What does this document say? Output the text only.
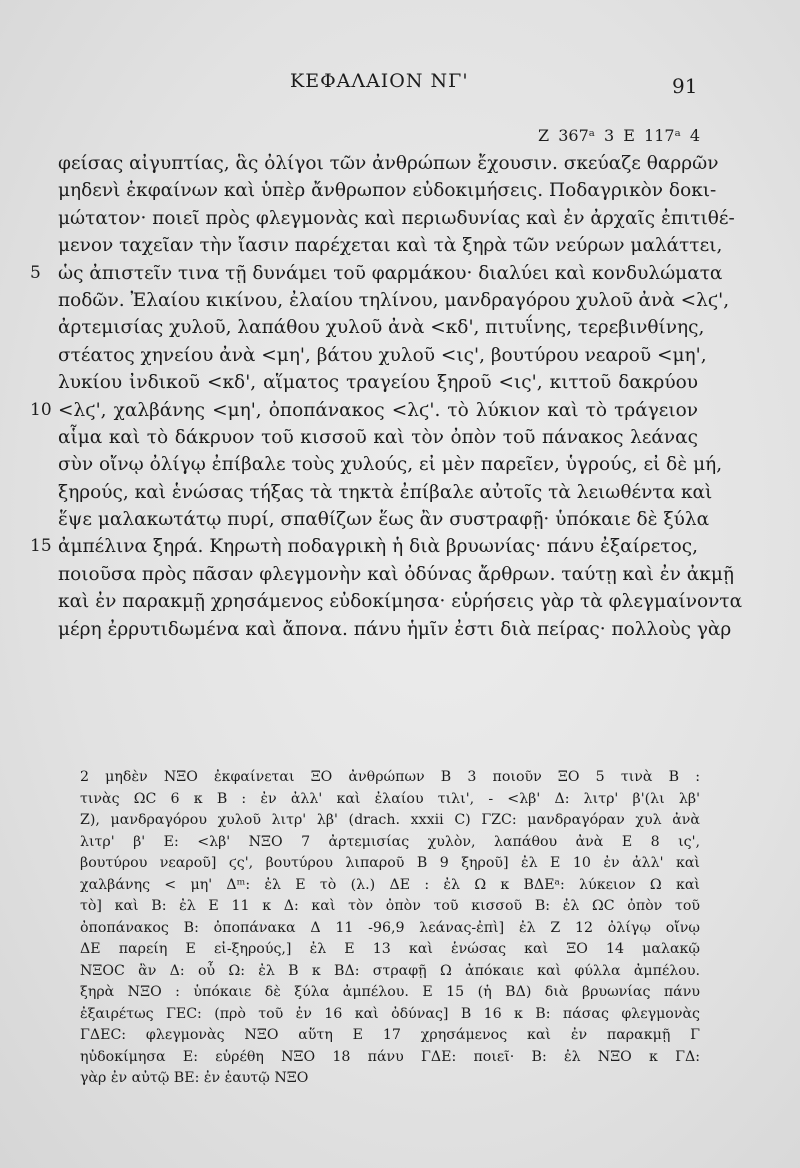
ΚΕΦΑΛΑΙΟΝ ΝΓ'	91
Z 367ᵃ 3 E 117ᵃ 4
φείσας αἰγυπτίας, ἃς ὀλίγοι τῶν ἀνθρώπων ἔχουσιν. σκεύαζε θαρρῶν
μηδενὶ ἐκφαίνων καὶ ὑπὲρ ἄνθρωπον εὐδοκιμήσεις. Ποδαγρικὸν δοκι-
μώτατον· ποιεῖ πρὸς φλεγμονὰς καὶ περιωδυνίας καὶ ἐν ἀρχαῖς ἐπιτιθέ-
μενον ταχεῖαν τὴν ἴασιν παρέχεται καὶ τὰ ξηρὰ τῶν νεύρων μαλάττει,
5 ὡς ἀπιστεῖν τινα τῇ δυνάμει τοῦ φαρμάκου· διαλύει καὶ κονδυλώματα
ποδῶν. Ἐλαίου κικίνου, ἐλαίου τηλίνου, μανδραγόρου χυλοῦ ἀνὰ <λϛ',
ἀρτεμισίας χυλοῦ, λαπάθου χυλοῦ ἀνὰ <κδ', πιτυΐνης, τερεβινθίνης,
στέατος χηνείου ἀνὰ <μη', βάτου χυλοῦ <ις', βουτύρου νεαροῦ <μη',
λυκίου ἰνδικοῦ <κδ', αἵματος τραγείου ξηροῦ <ις', κιττοῦ δακρύου
10 <λϛ', χαλβάνης <μη', ὀποπάνακος <λϛ'. τὸ λύκιον καὶ τὸ τράγειον
αἷμα καὶ τὸ δάκρυον τοῦ κισσοῦ καὶ τὸν ὀπὸν τοῦ πάνακος λεάνας
σὺν οἴνῳ ὀλίγῳ ἐπίβαλε τοὺς χυλούς, εἰ μὲν παρεῖεν, ὑγρούς, εἰ δὲ μή,
ξηρούς, καὶ ἑνώσας τήξας τὰ τηκτὰ ἐπίβαλε αὐτοῖς τὰ λειωθέντα καὶ
ἕψε μαλακωτάτῳ πυρί, σπαθίζων ἕως ἂν συστραφῇ· ὑπόκαιε δὲ ξύλα
15 ἀμπέλινα ξηρά. Κηρωτὴ ποδαγρικὴ ἡ διὰ βρυωνίας· πάνυ ἐξαίρετος,
ποιοῦσα πρὸς πᾶσαν φλεγμονὴν καὶ ὀδύνας ἄρθρων. ταύτῃ καὶ ἐν ἀκμῇ
καὶ ἐν παρακμῇ χρησάμενος εὐδοκίμησα· εὑρήσεις γὰρ τὰ φλεγμαίνοντα
μέρη ἐρρυτιδωμένα καὶ ἄπονα. πάνυ ἡμῖν ἐστι διὰ πείρας· πολλοὺς γὰρ
2 μηδὲν ΝΞΟ ἐκφαίνεται ΞΟ ἀνθρώπων Β 3 ποιοῦν ΞΟ 5 τινὰ Β :
τινὰς ΩC 6 κ Β : ἐν ἀλλ' καὶ ἐλαίου τιλι', - <λβ' Δ: λιτρ' β'(λι λβ'
Ζ), μανδραγόρου χυλοῦ λιτρ' λβ' (drach. xxxii C) ΓΖC: μανδραγόραν χυλ ἀνὰ
λιτρ' β' Ε: <λβ' ΝΞΟ 7 ἀρτεμισίας χυλὸν, λαπάθου ἀνὰ Ε 8 ις',
βουτύρου νεαροῦ] ϛς', βουτύρου λιπαροῦ Β 9 ξηροῦ] ἐλ Ε 10 ἐν ἀλλ' καὶ
χαλβάνης < μη' Δᵐ: ἐλ Ε τὸ (λ.) ΔΕ : ἐλ Ω κ ΒΔΕᵃ: λύκειον Ω καὶ
τὸ] καὶ Β: ἐλ Ε 11 κ Δ: καὶ τὸν ὀπὸν τοῦ κισσοῦ Β: ἐλ ΩC ὀπὸν τοῦ
ὀποπάνακος Β: ὀποπάνακα Δ 11 -96,9 λεάνας-ἐπὶ] ἐλ Ζ 12 ὀλίγῳ οἴνῳ
ΔΕ παρείη Ε εἰ-ξηρούς,] ἐλ Ε 13 καὶ ἑνώσας καὶ ΞΟ 14 μαλακῷ
ΝΞΟC ἂν Δ: οὖ Ω: ἐλ Β κ ΒΔ: στραφῇ Ω ἀπόκαιε καὶ φύλλα ἀμπέλου.
ξηρὰ ΝΞΟ : ὑπόκαιε δὲ ξύλα ἀμπέλου. Ε 15 (ἡ ΒΔ) διὰ βρυωνίας πάνυ
ἐξαιρέτως ΓΕC: (πρὸ τοῦ ἐν 16 καὶ ὀδύνας] Β 16 κ Β: πάσας φλεγμονὰς
ΓΔΕC: φλεγμονὰς ΝΞΟ αὕτη Ε 17 χρησάμενος καὶ ἐν παρακμῇ Γ
ηὐδοκίμησα Ε: εὑρέθη ΝΞΟ 18 πάνυ ΓΔΕ: ποιεῖ· Β: ἐλ ΝΞΟ κ ΓΔ:
γὰρ ἐν αὐτῷ ΒΕ: ἐν ἑαυτῷ ΝΞΟ
